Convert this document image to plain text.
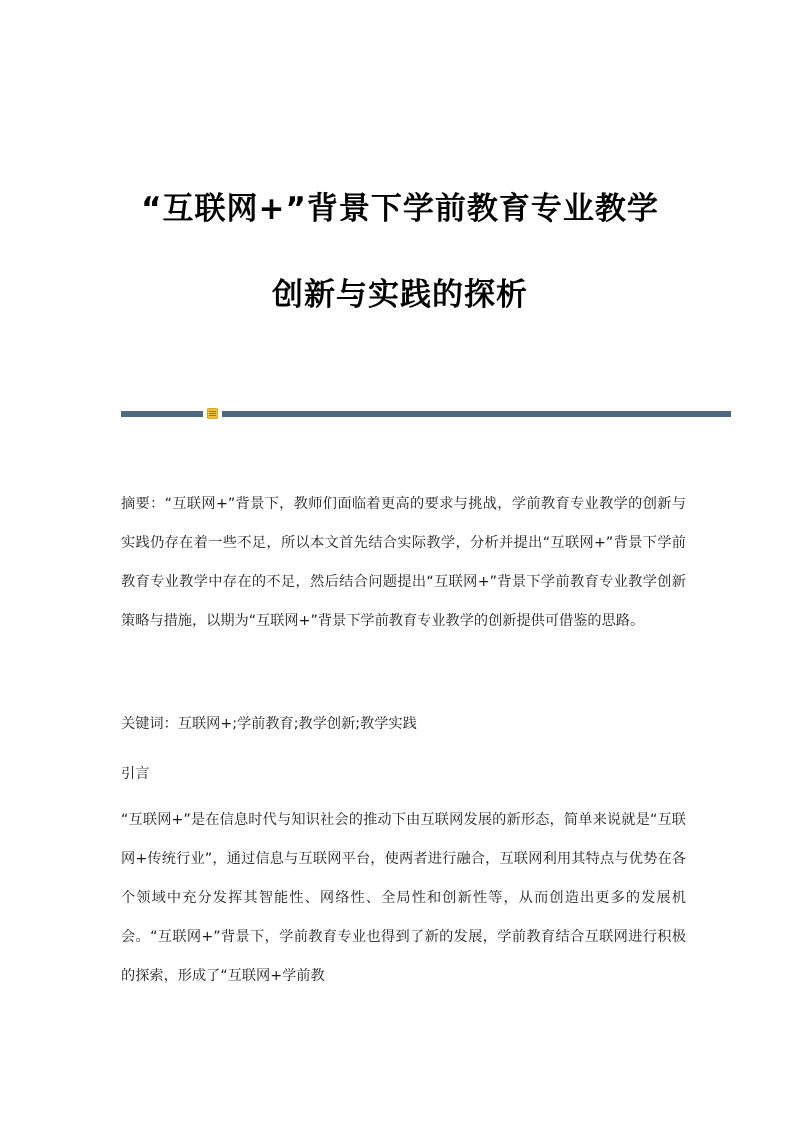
“互联网+”背景下学前教育专业教学
创新与实践的探析

摘要：“互联网+”背景下，教师们面临着更高的要求与挑战，学前教育专业教学的创新与实践仍存在着一些不足，所以本文首先结合实际教学，分析并提出“互联网+”背景下学前教育专业教学中存在的不足，然后结合问题提出“互联网+”背景下学前教育专业教学创新策略与措施，以期为“互联网+”背景下学前教育专业教学的创新提供可借鉴的思路。

关键词：互联网+;学前教育;教学创新;教学实践

引言

“互联网+”是在信息时代与知识社会的推动下由互联网发展的新形态，简单来说就是“互联网+传统行业”，通过信息与互联网平台，使两者进行融合，互联网利用其特点与优势在各个领域中充分发挥其智能性、网络性、全局性和创新性等，从而创造出更多的发展机会。“互联网+”背景下，学前教育专业也得到了新的发展，学前教育结合互联网进行积极的探索，形成了“互联网+学前教
